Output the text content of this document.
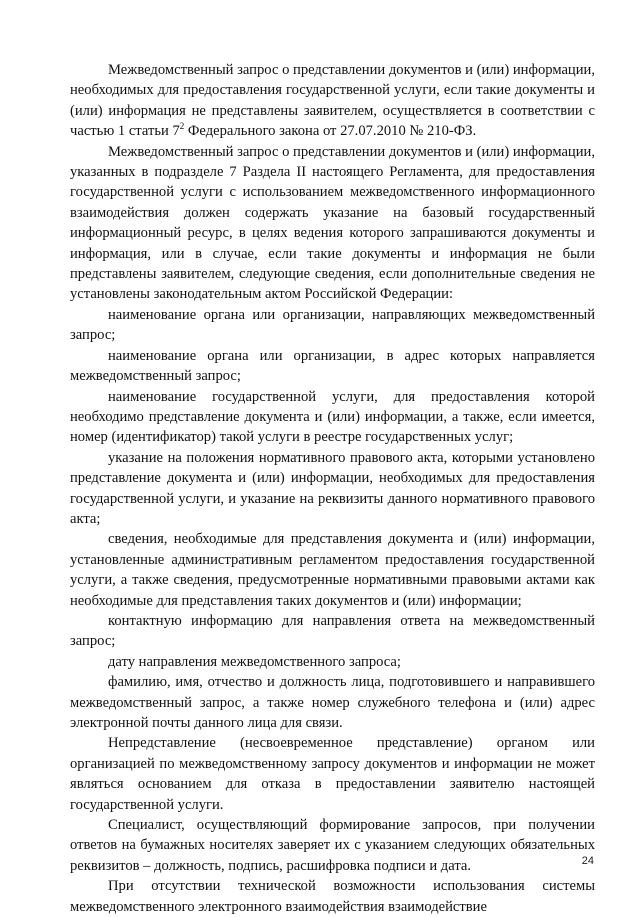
Межведомственный запрос о представлении документов и (или) информации, необходимых для предоставления государственной услуги, если такие документы и (или) информация не представлены заявителем, осуществляется в соответствии с частью 1 статьи $7^2$ Федерального закона от 27.07.2010 № 210-ФЗ.

Межведомственный запрос о представлении документов и (или) информации, указанных в подразделе 7 Раздела II настоящего Регламента, для предоставления государственной услуги с использованием межведомственного информационного взаимодействия должен содержать указание на базовый государственный информационный ресурс, в целях ведения которого запрашиваются документы и информация, или в случае, если такие документы и информация не были представлены заявителем, следующие сведения, если дополнительные сведения не установлены законодательным актом Российской Федерации:

наименование органа или организации, направляющих межведомственный запрос;

наименование органа или организации, в адрес которых направляется межведомственный запрос;

наименование государственной услуги, для предоставления которой необходимо представление документа и (или) информации, а также, если имеется, номер (идентификатор) такой услуги в реестре государственных услуг;

указание на положения нормативного правового акта, которыми установлено представление документа и (или) информации, необходимых для предоставления государственной услуги, и указание на реквизиты данного нормативного правового акта;

сведения, необходимые для представления документа и (или) информации, установленные административным регламентом предоставления государственной услуги, а также сведения, предусмотренные нормативными правовыми актами как необходимые для представления таких документов и (или) информации;

контактную информацию для направления ответа на межведомственный запрос;

дату направления межведомственного запроса;

фамилию, имя, отчество и должность лица, подготовившего и направившего межведомственный запрос, а также номер служебного телефона и (или) адрес электронной почты данного лица для связи.

Непредставление (несвоевременное представление) органом или организацией по межведомственному запросу документов и информации не может являться основанием для отказа в предоставлении заявителю настоящей государственной услуги.

Специалист, осуществляющий формирование запросов, при получении ответов на бумажных носителях заверяет их с указанием следующих обязательных реквизитов – должность, подпись, расшифровка подписи и дата.

При отсутствии технической возможности использования системы межведомственного электронного взаимодействия взаимодействие

24
